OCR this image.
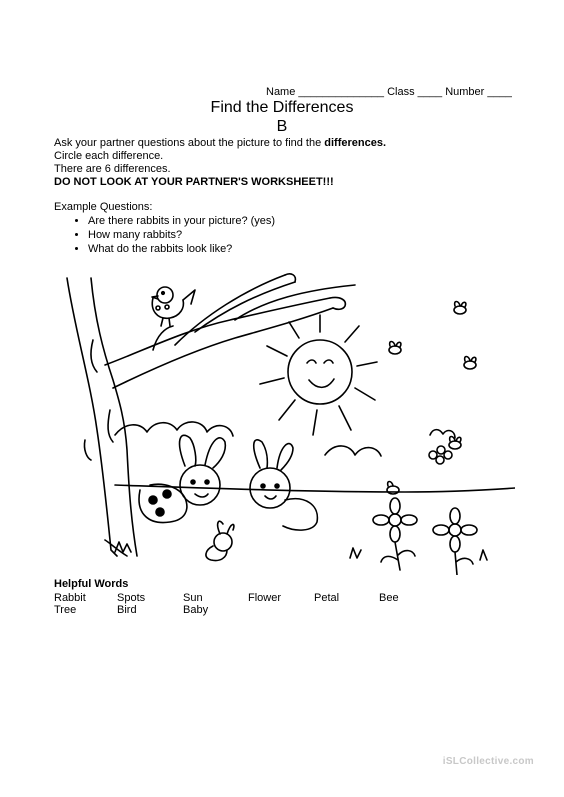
Name ______________ Class ____ Number ____
Find the Differences
B

Ask your partner questions about the picture to find the differences.

Circle each difference.

There are 6 differences.

DO NOT LOOK AT YOUR PARTNER'S WORKSHEET!!!

Example Questions:
• Are there rabbits in your picture? (yes)
• How many rabbits?
• What do the rabbits look like?
Helpful Words
Rabbit	Spots	Sun	Flower	Petal	Bee
Tree	Bird	Baby
iSLCollective.com
